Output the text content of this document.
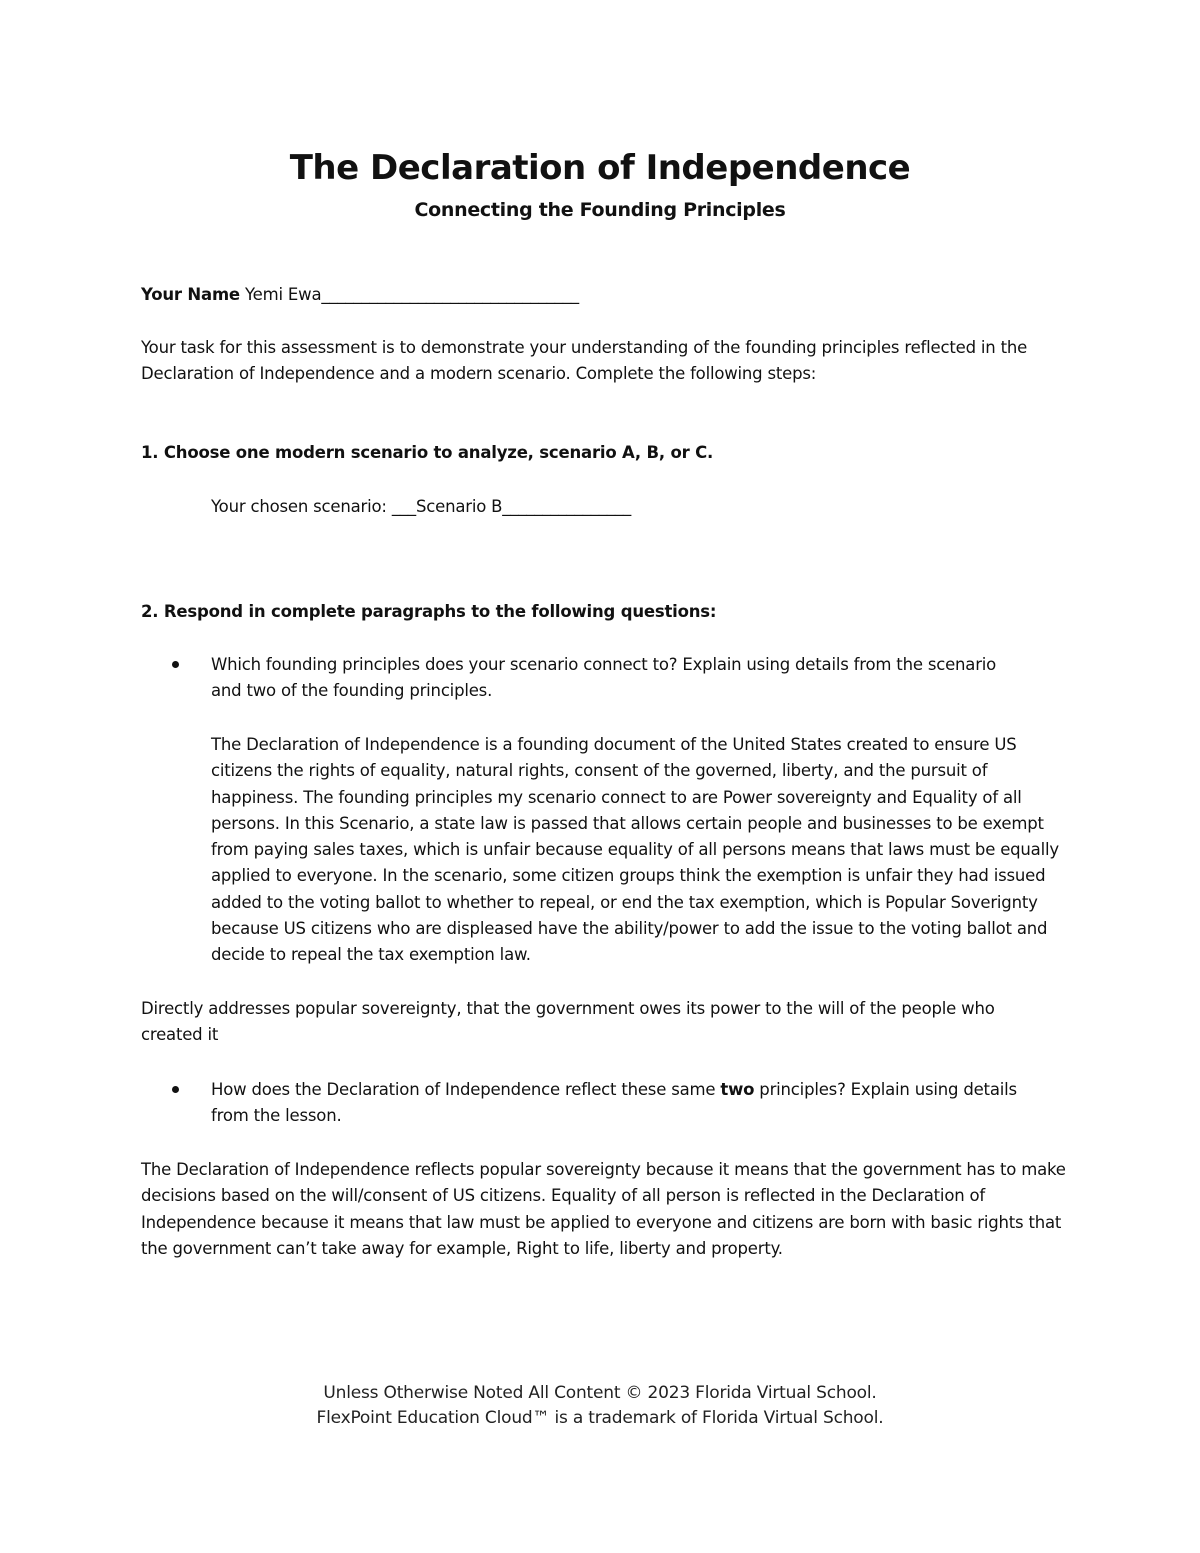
The Declaration of Independence
Connecting the Founding Principles
Your Name Yemi Ewa________________________________
Your task for this assessment is to demonstrate your understanding of the founding principles reflected in the Declaration of Independence and a modern scenario. Complete the following steps:
1. Choose one modern scenario to analyze, scenario A, B, or C.
Your chosen scenario: ___Scenario B________________
2. Respond in complete paragraphs to the following questions:
Which founding principles does your scenario connect to? Explain using details from the scenario and two of the founding principles.
The Declaration of Independence is a founding document of the United States created to ensure US citizens the rights of equality, natural rights, consent of the governed, liberty, and the pursuit of happiness. The founding principles my scenario connect to are Power sovereignty and Equality of all persons. In this Scenario, a state law is passed that allows certain people and businesses to be exempt from paying sales taxes, which is unfair because equality of all persons means that laws must be equally applied to everyone. In the scenario, some citizen groups think the exemption is unfair they had issued added to the voting ballot to whether to repeal, or end the tax exemption, which is Popular Soverignty because US citizens who are displeased have the ability/power to add the issue to the voting ballot and decide to repeal the tax exemption law.
Directly addresses popular sovereignty, that the government owes its power to the will of the people who created it
How does the Declaration of Independence reflect these same two principles? Explain using details from the lesson.
The Declaration of Independence reflects popular sovereignty because it means that the government has to make decisions based on the will/consent of US citizens. Equality of all person is reflected in the Declaration of Independence because it means that law must be applied to everyone and citizens are born with basic rights that the government can’t take away for example, Right to life, liberty and property.
Unless Otherwise Noted All Content © 2023 Florida Virtual School.
FlexPoint Education Cloud™ is a trademark of Florida Virtual School.
